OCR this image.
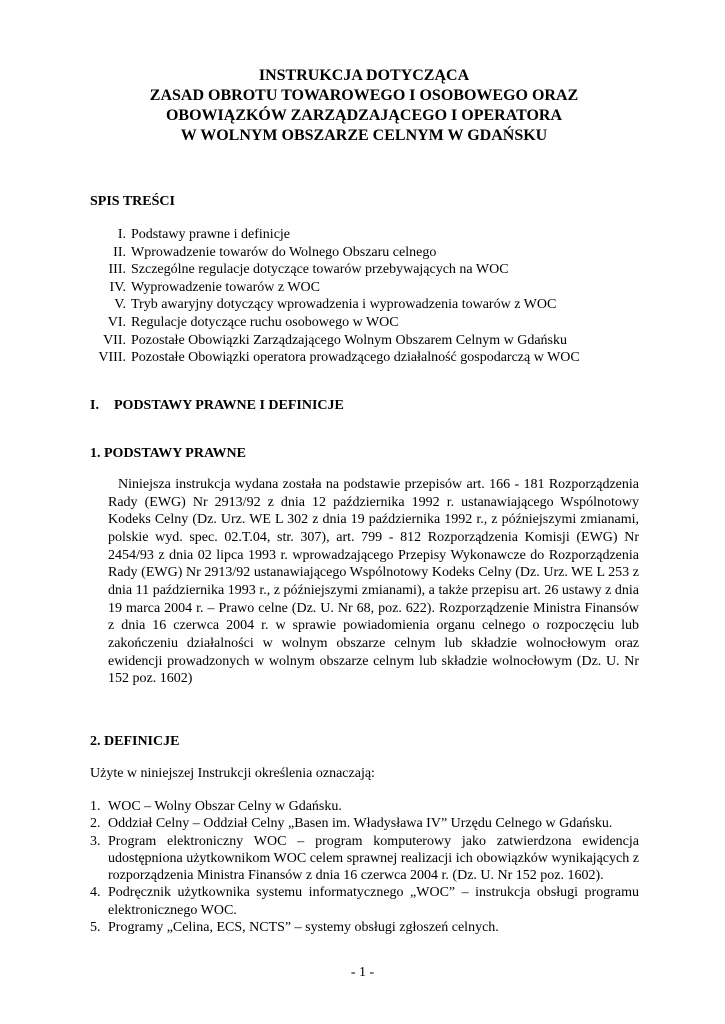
INSTRUKCJA DOTYCZĄCA
ZASAD OBROTU TOWAROWEGO I OSOBOWEGO ORAZ
OBOWIĄZKÓW ZARZĄDZAJĄCEGO I OPERATORA
W WOLNYM OBSZARZE CELNYM W GDAŃSKU
SPIS TREŚCI
I. Podstawy prawne i definicje
II. Wprowadzenie towarów do Wolnego Obszaru celnego
III. Szczególne regulacje dotyczące towarów przebywających na WOC
IV. Wyprowadzenie towarów z WOC
V. Tryb awaryjny dotyczący wprowadzenia i wyprowadzenia towarów z WOC
VI. Regulacje dotyczące ruchu osobowego w WOC
VII. Pozostałe Obowiązki Zarządzającego Wolnym Obszarem Celnym w Gdańsku
VIII. Pozostałe Obowiązki operatora prowadzącego działalność gospodarczą w WOC
I.	PODSTAWY PRAWNE I DEFINICJE
1. PODSTAWY PRAWNE
Niniejsza instrukcja wydana została na podstawie przepisów art. 166 - 181 Rozporządzenia Rady (EWG) Nr 2913/92 z dnia 12 października 1992 r. ustanawiającego Wspólnotowy Kodeks Celny (Dz. Urz. WE L 302 z dnia 19 października 1992 r., z późniejszymi zmianami, polskie wyd. spec. 02.T.04, str. 307), art. 799 - 812 Rozporządzenia Komisji (EWG) Nr 2454/93 z dnia 02 lipca 1993 r. wprowadzającego Przepisy Wykonawcze do Rozporządzenia Rady (EWG) Nr 2913/92 ustanawiającego Wspólnotowy Kodeks Celny (Dz. Urz. WE L 253 z dnia 11 października 1993 r., z późniejszymi zmianami), a także przepisu art. 26 ustawy z dnia 19 marca 2004 r. – Prawo celne (Dz. U. Nr 68, poz. 622). Rozporządzenie Ministra Finansów z dnia 16 czerwca 2004 r. w sprawie powiadomienia organu celnego o rozpoczęciu lub zakończeniu działalności w wolnym obszarze celnym lub składzie wolnocłowym oraz ewidencji prowadzonych w wolnym obszarze celnym lub składzie wolnocłowym (Dz. U. Nr 152 poz. 1602)
2. DEFINICJE
Użyte w niniejszej Instrukcji określenia oznaczają:
1. WOC – Wolny Obszar Celny w Gdańsku.
2. Oddział Celny – Oddział Celny „Basen im. Władysława IV” Urzędu Celnego w Gdańsku.
3. Program elektroniczny WOC – program komputerowy jako zatwierdzona ewidencja udostępniona użytkownikom WOC celem sprawnej realizacji ich obowiązków wynikających z rozporządzenia Ministra Finansów z dnia 16 czerwca 2004 r. (Dz. U. Nr 152 poz. 1602).
4. Podręcznik użytkownika systemu informatycznego „WOC” – instrukcja obsługi programu elektronicznego WOC.
5. Programy „Celina, ECS, NCTS” – systemy obsługi zgłoszeń celnych.
- 1 -
